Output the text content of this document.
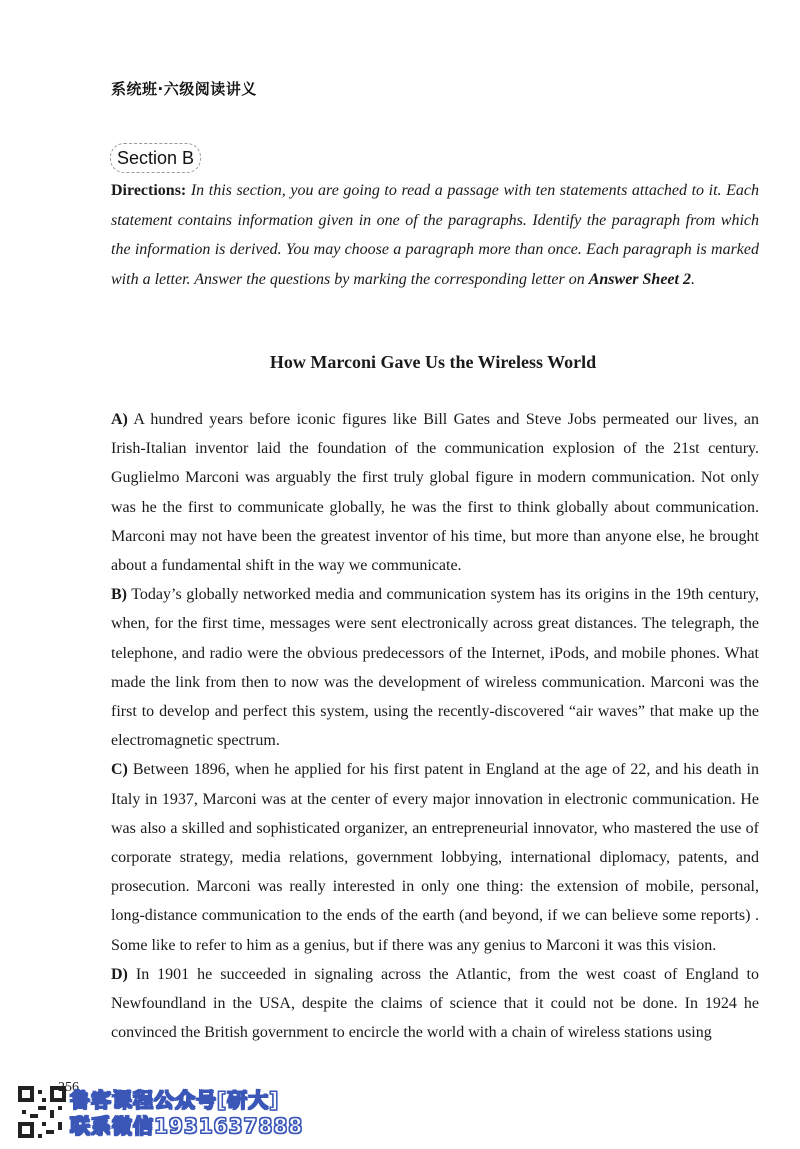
系统班·六级阅读讲义
Section B
Directions: In this section, you are going to read a passage with ten statements attached to it. Each statement contains information given in one of the paragraphs. Identify the paragraph from which the information is derived. You may choose a paragraph more than once. Each paragraph is marked with a letter. Answer the questions by marking the corresponding letter on Answer Sheet 2.
How Marconi Gave Us the Wireless World

A) A hundred years before iconic figures like Bill Gates and Steve Jobs permeated our lives, an Irish-Italian inventor laid the foundation of the communication explosion of the 21st century. Guglielmo Marconi was arguably the first truly global figure in modern communication. Not only was he the first to communicate globally, he was the first to think globally about communication. Marconi may not have been the greatest inventor of his time, but more than anyone else, he brought about a fundamental shift in the way we communicate.

B) Today’s globally networked media and communication system has its origins in the 19th century, when, for the first time, messages were sent electronically across great distances. The telegraph, the telephone, and radio were the obvious predecessors of the Internet, iPods, and mobile phones. What made the link from then to now was the development of wireless communication. Marconi was the first to develop and perfect this system, using the recently-discovered “air waves” that make up the electromagnetic spectrum.

C) Between 1896, when he applied for his first patent in England at the age of 22, and his death in Italy in 1937, Marconi was at the center of every major innovation in electronic communication. He was also a skilled and sophisticated organizer, an entrepreneurial innovator, who mastered the use of corporate strategy, media relations, government lobbying, international diplomacy, patents, and prosecution. Marconi was really interested in only one thing: the extension of mobile, personal, long-distance communication to the ends of the earth (and beyond, if we can believe some reports) . Some like to refer to him as a genius, but if there was any genius to Marconi it was this vision.

D) In 1901 he succeeded in signaling across the Atlantic, from the west coast of England to Newfoundland in the USA, despite the claims of science that it could not be done. In 1924 he convinced the British government to encircle the world with a chain of wireless stations using

256
鲁客课程公众号[研大]
联系微信1931637888
